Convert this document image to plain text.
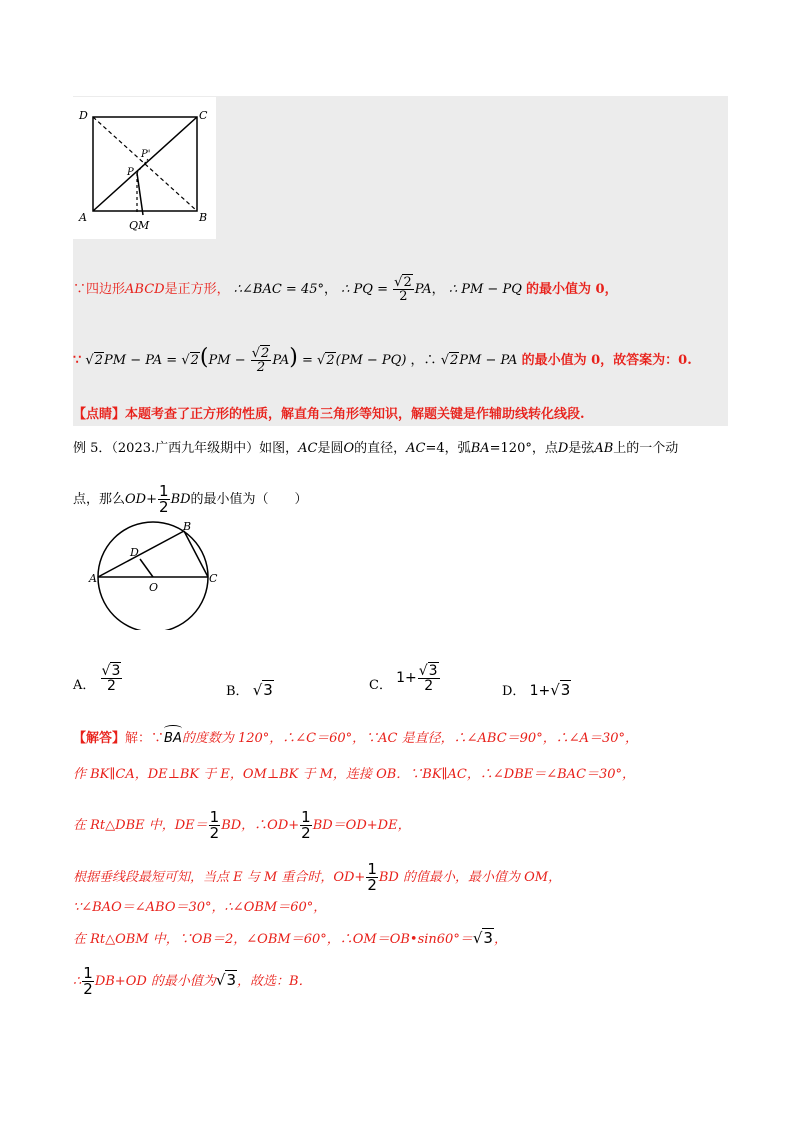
D	C
A	B
P'
P
QM
∵四边形ABCD是正方形， ∴∠BAC = 45°， ∴ PQ = $\frac{√2}{2}$ PA， ∴ PM − PQ 的最小值为 0，
∵ √2PM − PA = $√2(PM - \frac{√2}{2} PA) = √2(PM - PQ)$ ，∴ √2PM − PA 的最小值为 0，故答案为：0.
【点睛】本题考查了正方形的性质，解直角三角形等知识，解题关键是作辅助线转化线段.
例 5．（2023.广西九年级期中）如图，AC是圆O的直径，AC=4，弧BA=120°，点D是弦AB上的一个动
点，那么$OD+ \frac{1}{2}$ BD的最小值为（　　）
A
B
C
D
O
A． $\frac{√3}{2}$	B． √3	C． $1+ \frac{√3}{2}$	D． 1+√3
【解答】解：∵BA的度数为 120°，∴∠C＝60°，∵AC 是直径，∴∠ABC＝90°，∴∠A＝30°，
作 BK∥CA，DE⊥BK 于 E，OM⊥BK 于 M，连接 OB．∵BK∥AC，∴∠DBE＝∠BAC＝30°，
在 Rt△DBE 中，$DE= \frac{1}{2}$ BD，∴OD+ $\frac{1}{2} BD=OD+DE$，
根据垂线段最短可知，当点 E 与 M 重合时，$OD+ \frac{1}{2}$ BD 的值最小，最小值为 OM，
∵∠BAO＝∠ABO＝30°，∴∠OBM＝60°，
在 Rt△OBM 中，∵OB＝2，∠OBM＝60°，∴OM＝OB•sin60°＝√3，
∴ $\frac{1}{2} DB+OD$ 的最小值为√3，故选：B．
